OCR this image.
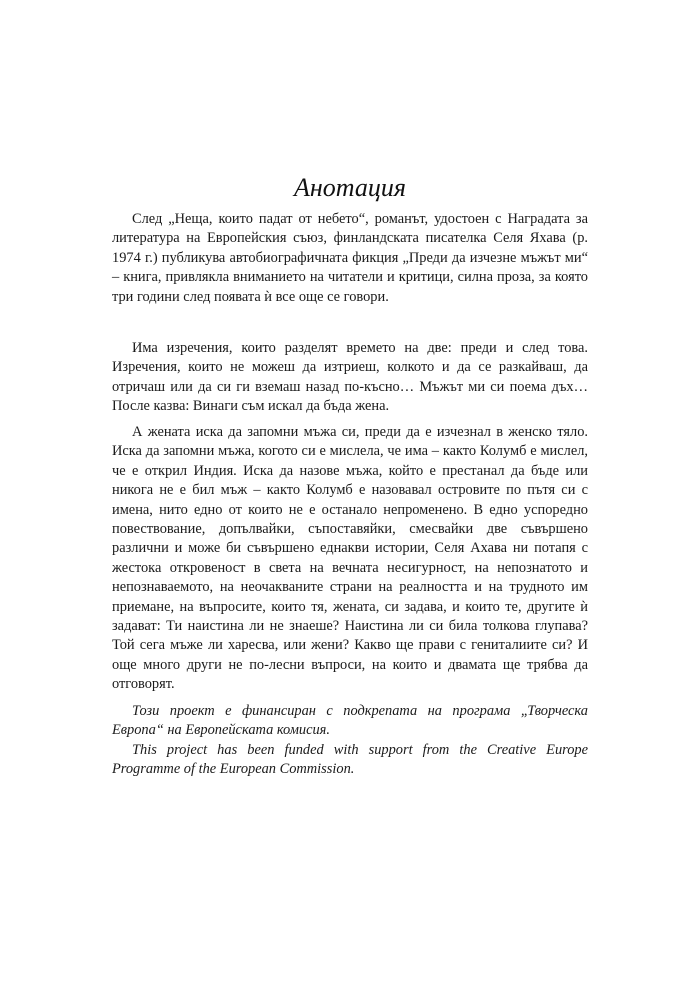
Анотация

След „Неща, които падат от небето“, романът, удостоен с Наградата за литература на Европейския съюз, финландската писателка Селя Яхава (р. 1974 г.) публикува автобиографичната фикция „Преди да изчезне мъжът ми“ – книга, привлякла вниманието на читатели и критици, силна проза, за която три години след появата ѝ все още се говори.

Има изречения, които разделят времето на две: преди и след това. Изречения, които не можеш да изтриеш, колкото и да се разкайваш, да отричаш или да си ги вземаш назад по-късно… Мъжът ми си поема дъх… После казва: Винаги съм искал да бъда жена.

А жената иска да запомни мъжа си, преди да е изчезнал в женско тяло. Иска да запомни мъжа, когото си е мислела, че има – както Колумб е мислел, че е открил Индия. Иска да назове мъжа, който е престанал да бъде или никога не е бил мъж – както Колумб е назовавал островите по пътя си с имена, нито едно от които не е останало непроменено. В едно успоредно повествование, допълвайки, съпоставяйки, смесвайки две съвършено различни и може би съвършено еднакви истории, Селя Ахава ни потапя с жестока откровеност в света на вечната несигурност, на непознатото и непознаваемото, на неочакваните страни на реалността и на трудното им приемане, на въпросите, които тя, жената, си задава, и които те, другите ѝ задават: Ти наистина ли не знаеше? Наистина ли си била толкова глупава? Той сега мъже ли харесва, или жени? Какво ще прави с гениталиите си? И още много други не по-лесни въпроси, на които и двамата ще трябва да отговорят.

Този проект е финансиран с подкрепата на програма „Творческа Европа“ на Европейската комисия.

This project has been funded with support from the Creative Europe Programme of the European Commission.
